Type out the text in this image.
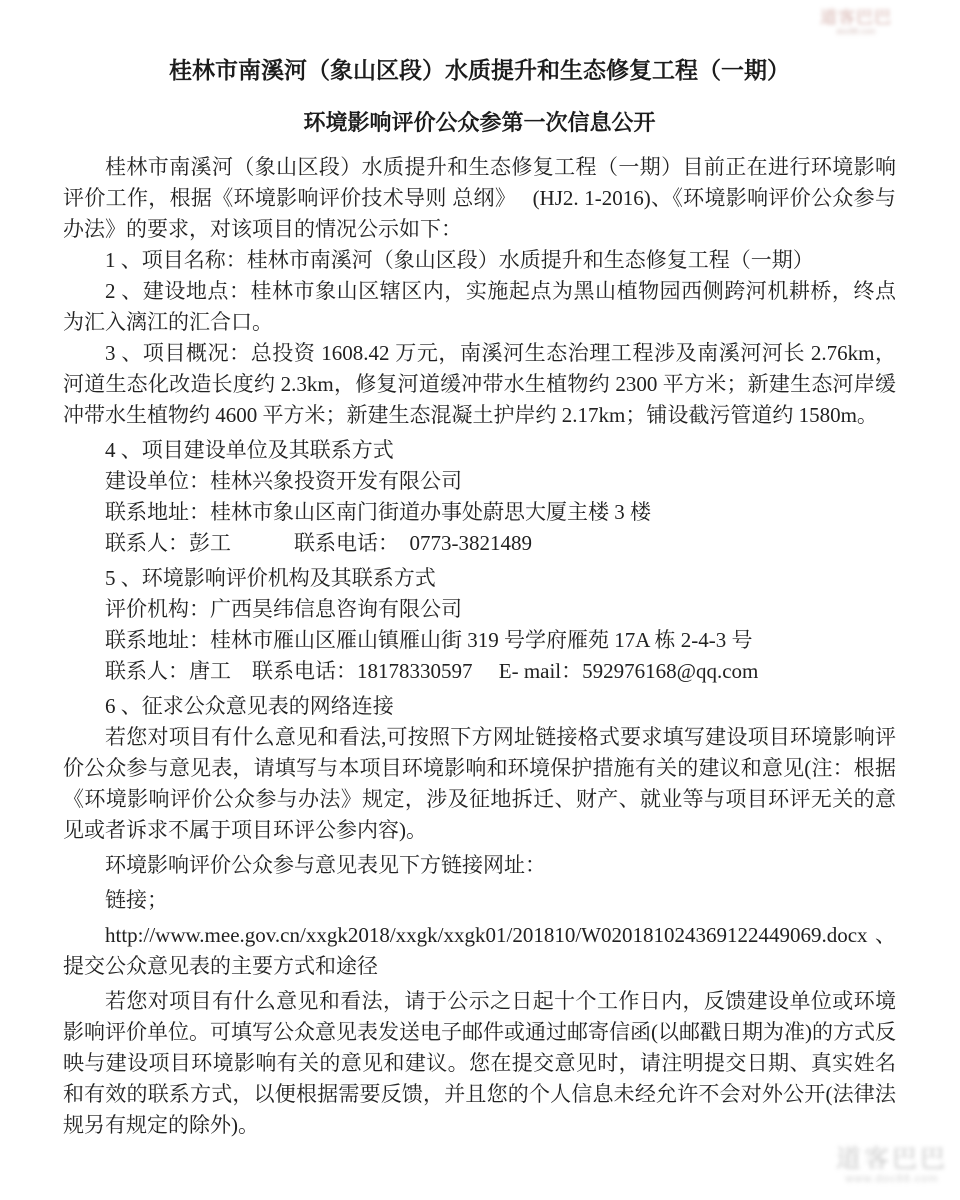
道客巴巴
doc88.com
桂林市南溪河（象山区段）水质提升和生态修复工程（一期）
环境影响评价公众参第一次信息公开

桂林市南溪河（象山区段）水质提升和生态修复工程（一期）目前正在进行环境影响评价工作，根据《环境影响评价技术导则 总纲》　 (HJ2. 1-2016)、《环境影响评价公众参与办法》的要求，对该项目的情况公示如下：

1 、项目名称：桂林市南溪河（象山区段）水质提升和生态修复工程（一期）

2 、建设地点：桂林市象山区辖区内，实施起点为黑山植物园西侧跨河机耕桥，终点为汇入漓江的汇合口。

3 、项目概况：总投资 1608.42 万元，南溪河生态治理工程涉及南溪河河长 2.76km，河道生态化改造长度约 2.3km，修复河道缓冲带水生植物约 2300 平方米；新建生态河岸缓冲带水生植物约 4600 平方米；新建生态混凝土护岸约 2.17km；铺设截污管道约 1580m。

4 、项目建设单位及其联系方式

建设单位：桂林兴象投资开发有限公司

联系地址：桂林市象山区南门街道办事处蔚思大厦主楼 3 楼

联系人：彭工　　　联系电话：　0773-3821489

5 、环境影响评价机构及其联系方式

评价机构：广西昊纬信息咨询有限公司

联系地址：桂林市雁山区雁山镇雁山街 319 号学府雁苑 17A 栋 2-4-3 号

联系人：唐工　联系电话：18178330597　 E- mail：592976168@qq.com

6 、征求公众意见表的网络连接

若您对项目有什么意见和看法,可按照下方网址链接格式要求填写建设项目环境影响评价公众参与意见表，请填写与本项目环境影响和环境保护措施有关的建议和意见(注：根据《环境影响评价公众参与办法》规定，涉及征地拆迁、财产、就业等与项目环评无关的意见或者诉求不属于项目环评公参内容)。

环境影响评价公众参与意见表见下方链接网址：

链接；

http://www.mee.gov.cn/xxgk2018/xxgk/xxgk01/201810/W020181024369122449069.docx 、 提交公众意见表的主要方式和途径

若您对项目有什么意见和看法，请于公示之日起十个工作日内，反馈建设单位或环境影响评价单位。可填写公众意见表发送电子邮件或通过邮寄信函(以邮戳日期为准)的方式反映与建设项目环境影响有关的意见和建议。您在提交意见时，请注明提交日期、真实姓名和有效的联系方式，以便根据需要反馈，并且您的个人信息未经允许不会对外公开(法律法规另有规定的除外)。

道客巴巴
www.doc88.com
